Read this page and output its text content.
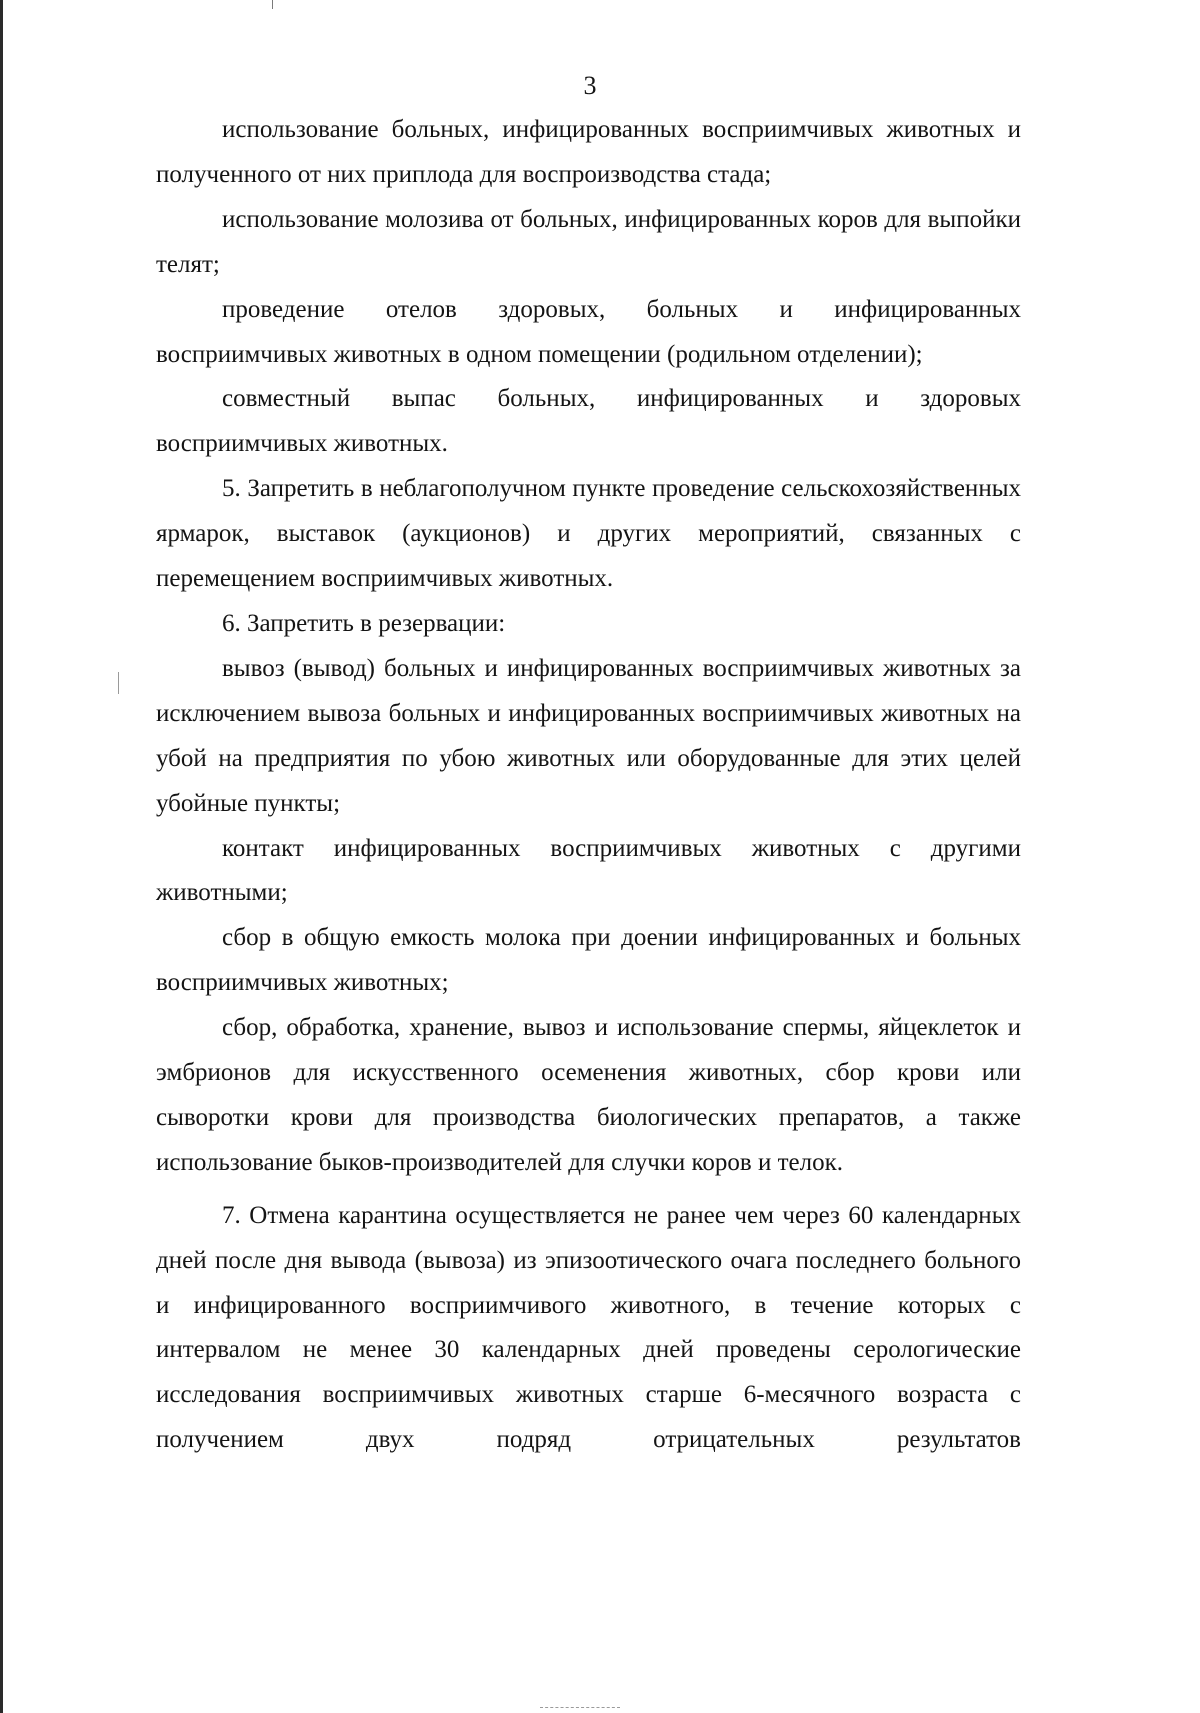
3

использование больных, инфицированных восприимчивых животных и полученного от них приплода для воспроизводства стада;

использование молозива от больных, инфицированных коров для выпойки телят;

проведение отелов здоровых, больных и инфицированных восприимчивых животных в одном помещении (родильном отделении);

совместный выпас больных, инфицированных и здоровых восприимчивых животных.

5. Запретить в неблагополучном пункте проведение сельскохозяйственных ярмарок, выставок (аукционов) и других мероприятий, связанных с перемещением восприимчивых животных.

6. Запретить в резервации:

вывоз (вывод) больных и инфицированных восприимчивых животных за исключением вывоза больных и инфицированных восприимчивых животных на убой на предприятия по убою животных или оборудованные для этих целей убойные пункты;

контакт инфицированных восприимчивых животных с другими животными;

сбор в общую емкость молока при доении инфицированных и больных восприимчивых животных;

сбор, обработка, хранение, вывоз и использование спермы, яйцеклеток и эмбрионов для искусственного осеменения животных, сбор крови или сыворотки крови для производства биологических препаратов, а также использование быков-производителей для случки коров и телок.

7. Отмена карантина осуществляется не ранее чем через 60 календарных дней после дня вывода (вывоза) из эпизоотического очага последнего больного и инфицированного восприимчивого животного, в течение которых с интервалом не менее 30 календарных дней проведены серологические исследования восприимчивых животных старше 6-месячного возраста с получением двух подряд отрицательных результатов
